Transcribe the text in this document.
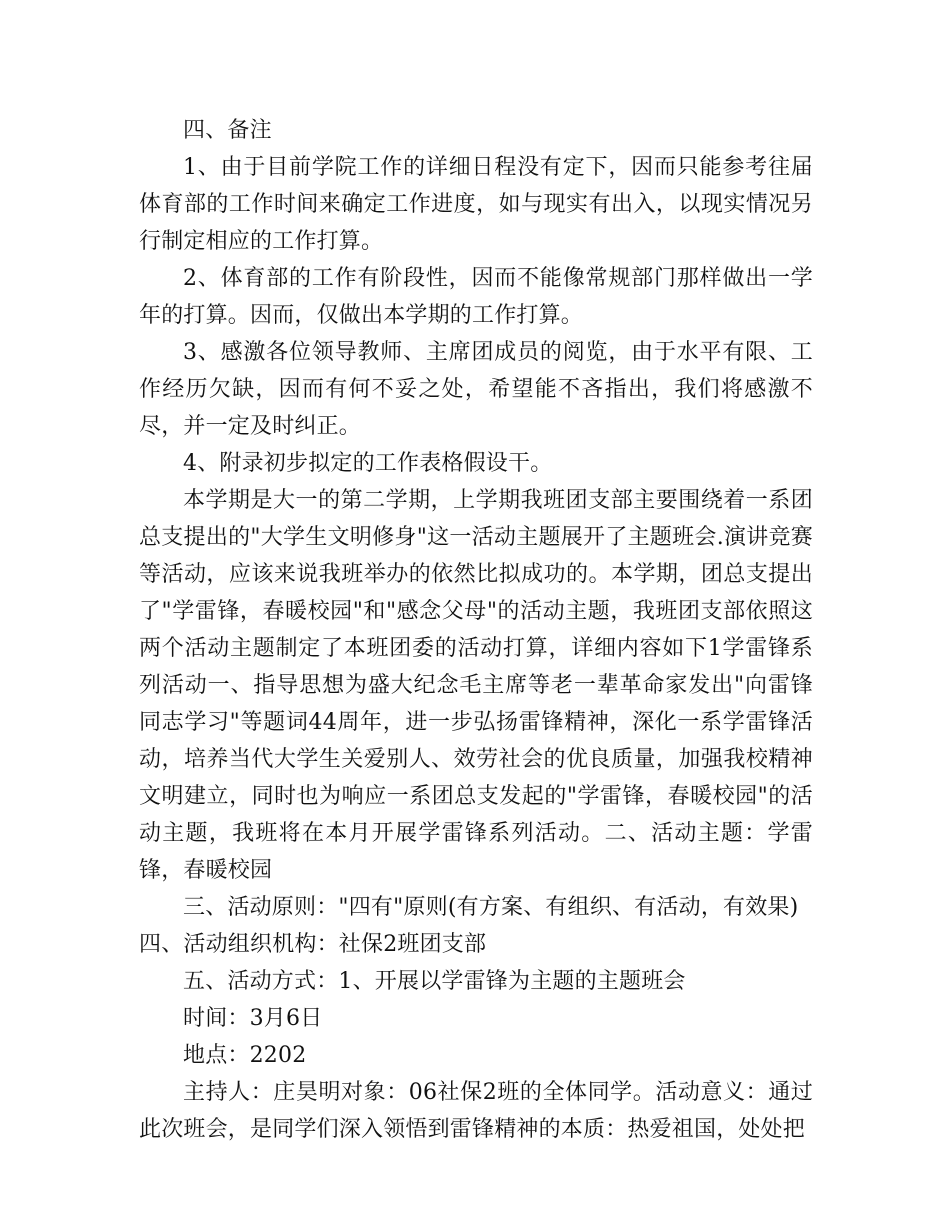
四、备注

1、由于目前学院工作的详细日程没有定下，因而只能参考往届体育部的工作时间来确定工作进度，如与现实有出入，以现实情况另行制定相应的工作打算。

2、体育部的工作有阶段性，因而不能像常规部门那样做出一学年的打算。因而，仅做出本学期的工作打算。

3、感激各位领导教师、主席团成员的阅览，由于水平有限、工作经历欠缺，因而有何不妥之处，希望能不吝指出，我们将感激不尽，并一定及时纠正。

4、附录初步拟定的工作表格假设干。

本学期是大一的第二学期，上学期我班团支部主要围绕着一系团总支提出的"大学生文明修身"这一活动主题展开了主题班会.演讲竞赛等活动，应该来说我班举办的依然比拟成功的。本学期，团总支提出了"学雷锋，春暖校园"和"感念父母"的活动主题，我班团支部依照这两个活动主题制定了本班团委的活动打算，详细内容如下1学雷锋系列活动一、指导思想为盛大纪念毛主席等老一辈革命家发出"向雷锋同志学习"等题词44周年，进一步弘扬雷锋精神，深化一系学雷锋活动，培养当代大学生关爱别人、效劳社会的优良质量，加强我校精神文明建立，同时也为响应一系团总支发起的"学雷锋，春暖校园"的活动主题，我班将在本月开展学雷锋系列活动。二、活动主题：学雷锋，春暖校园

三、活动原则："四有"原则(有方案、有组织、有活动，有效果)

四、活动组织机构：社保2班团支部

五、活动方式：1、开展以学雷锋为主题的主题班会

时间：3月6日

地点：2202

主持人：庄昊明对象：06社保2班的全体同学。活动意义：通过此次班会，是同学们深入领悟到雷锋精神的本质：热爱祖国，处处把
